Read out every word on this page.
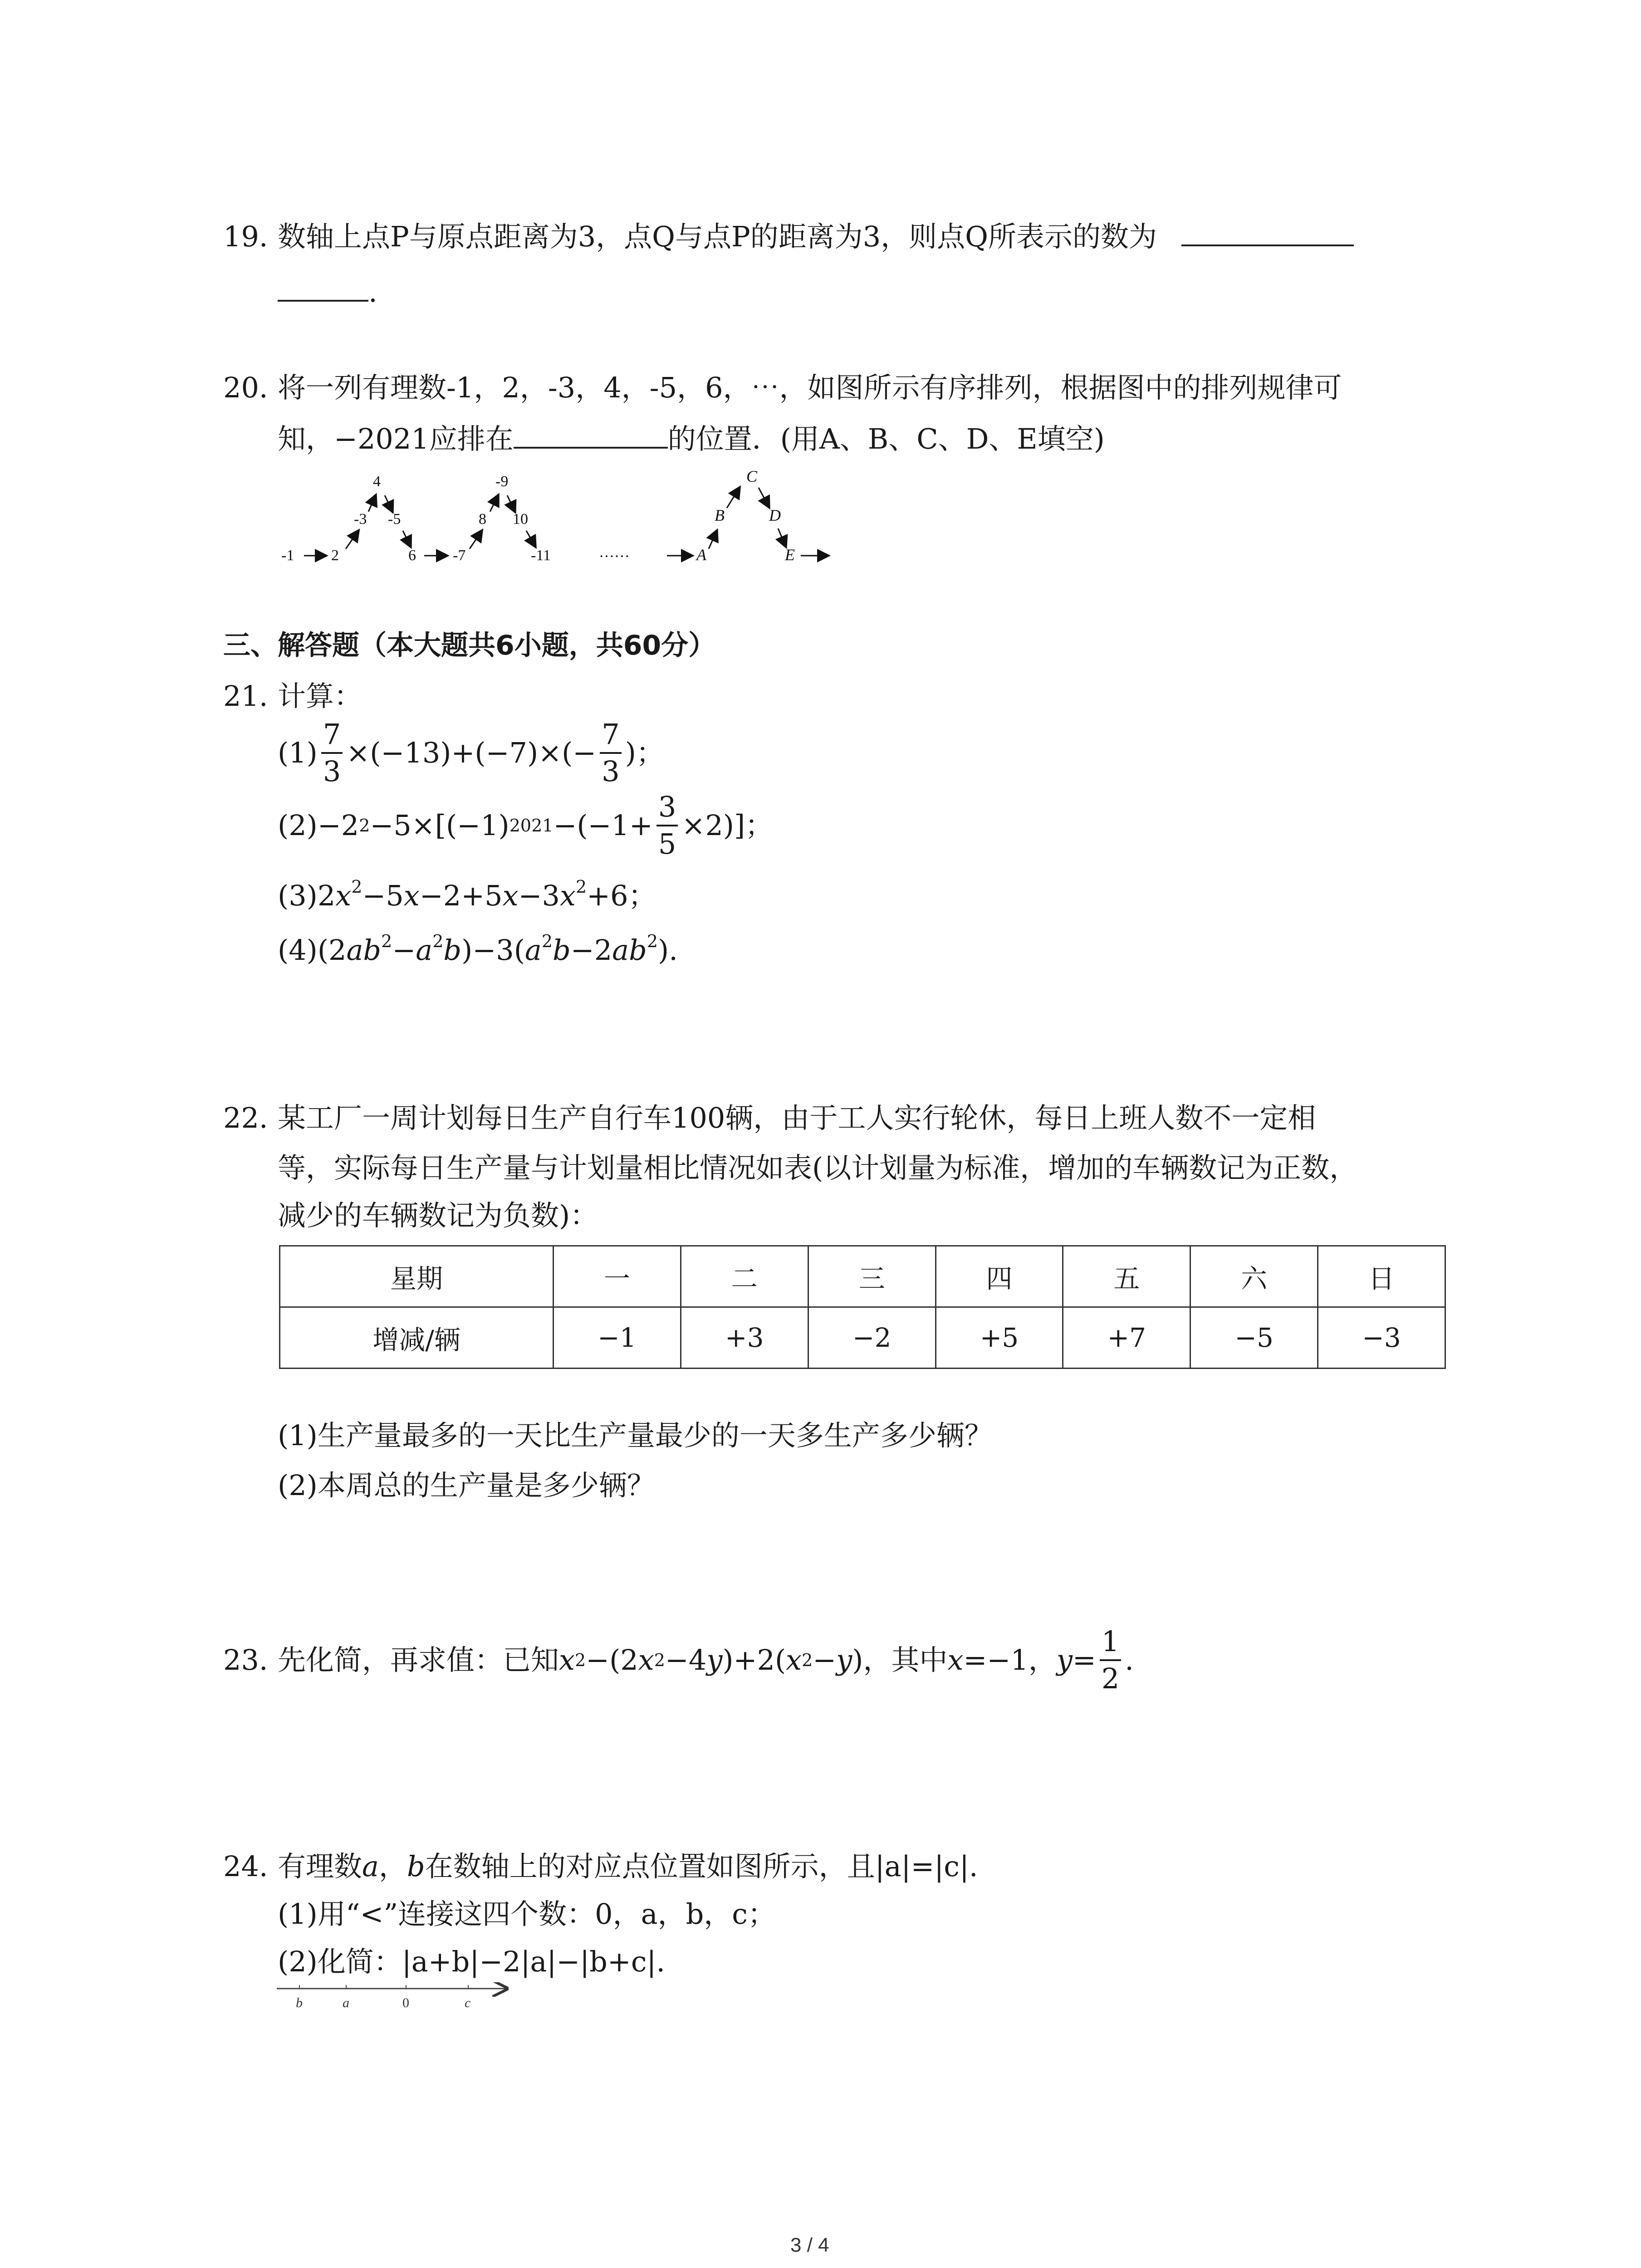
19. 数轴上点P与原点距离为3，点Q与点P的距离为3，则点Q所表示的数为
.
20. 将一列有理数-1，2，-3，4，-5，6，⋯，如图所示有序排列，根据图中的排列规律可
知，−2021应排在	的位置．(用A、B、C、D、E填空)
-1 2
-3
4
-5
6 -7
8
-9
10
-11	……	A
B
C
D
E
三、解答题（本大题共6小题，共60分）
21. 计算：
$(1) \frac{7}{3} \times(-13)+(-7)\times(- \frac{7}{3}$ )；
(2)−2 2 −5×[(−1) $2021 -(-1+ \frac{3}{5} \times 2)$]；
$(3)2x^2-5x-2+5x-3x^2+6$；
$(4)(2ab^2-a^2b)-3(a^2b-2ab^2)$.
22. 某工厂一周计划每日生产自行车100辆，由于工人实行轮休，每日上班人数不一定相
等，实际每日生产量与计划量相比情况如表(以计划量为标准，增加的车辆数记为正数，
减少的车辆数记为负数)：
星期	一	二	三	四	五	六	日
增减/辆	−1	+3	−2	+5	+7	−5	−3
(1)生产量最多的一天比生产量最少的一天多生产多少辆？
(2)本周总的生产量是多少辆？
23. 先化简，再求值：已知 x 2 −(2 x 2 −4 y )+2( x 2 − y )，其中 x =−1， $y = \frac{1}{2}$ .
24. 有理数a，b在数轴上的对应点位置如图所示，且|a|=|c|.
(1)用“<”连接这四个数：0，a，b，c；
(2)化简：|a+b|−2|a|−|b+c|.
b	a	0	c
3 / 4
